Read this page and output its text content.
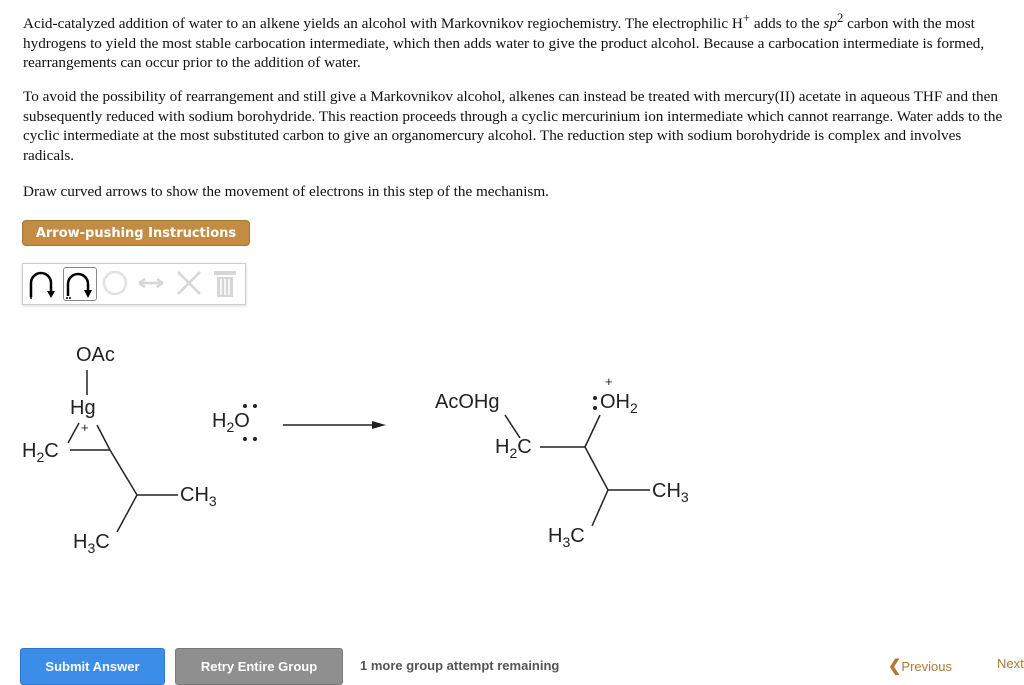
Acid-catalyzed addition of water to an alkene yields an alcohol with Markovnikov regiochemistry. The electrophilic H+ adds to the $sp^2$ carbon with the most hydrogens to yield the most stable carbocation intermediate, which then adds water to give the product alcohol. Because a carbocation intermediate is formed, rearrangements can occur prior to the addition of water.
To avoid the possibility of rearrangement and still give a Markovnikov alcohol, alkenes can instead be treated with mercury(II) acetate in aqueous THF and then subsequently reduced with sodium borohydride. This reaction proceeds through a cyclic mercurinium ion intermediate which cannot rearrange. Water adds to the cyclic intermediate at the most substituted carbon to give an organomercury alcohol. The reduction step with sodium borohydride is complex and involves radicals.
Draw curved arrows to show the movement of electrons in this step of the mechanism.
Arrow-pushing Instructions
OAc
Hg
+
$H_2C$
$CH_3$
$H_3C$
$H_2O$
AcOHg
$H_2C$
$OH_2$
+
$CH_3$
$H_3C$
Submit Answer	Retry Entire Group	1 more group attempt remaining	❮Previous	Next
